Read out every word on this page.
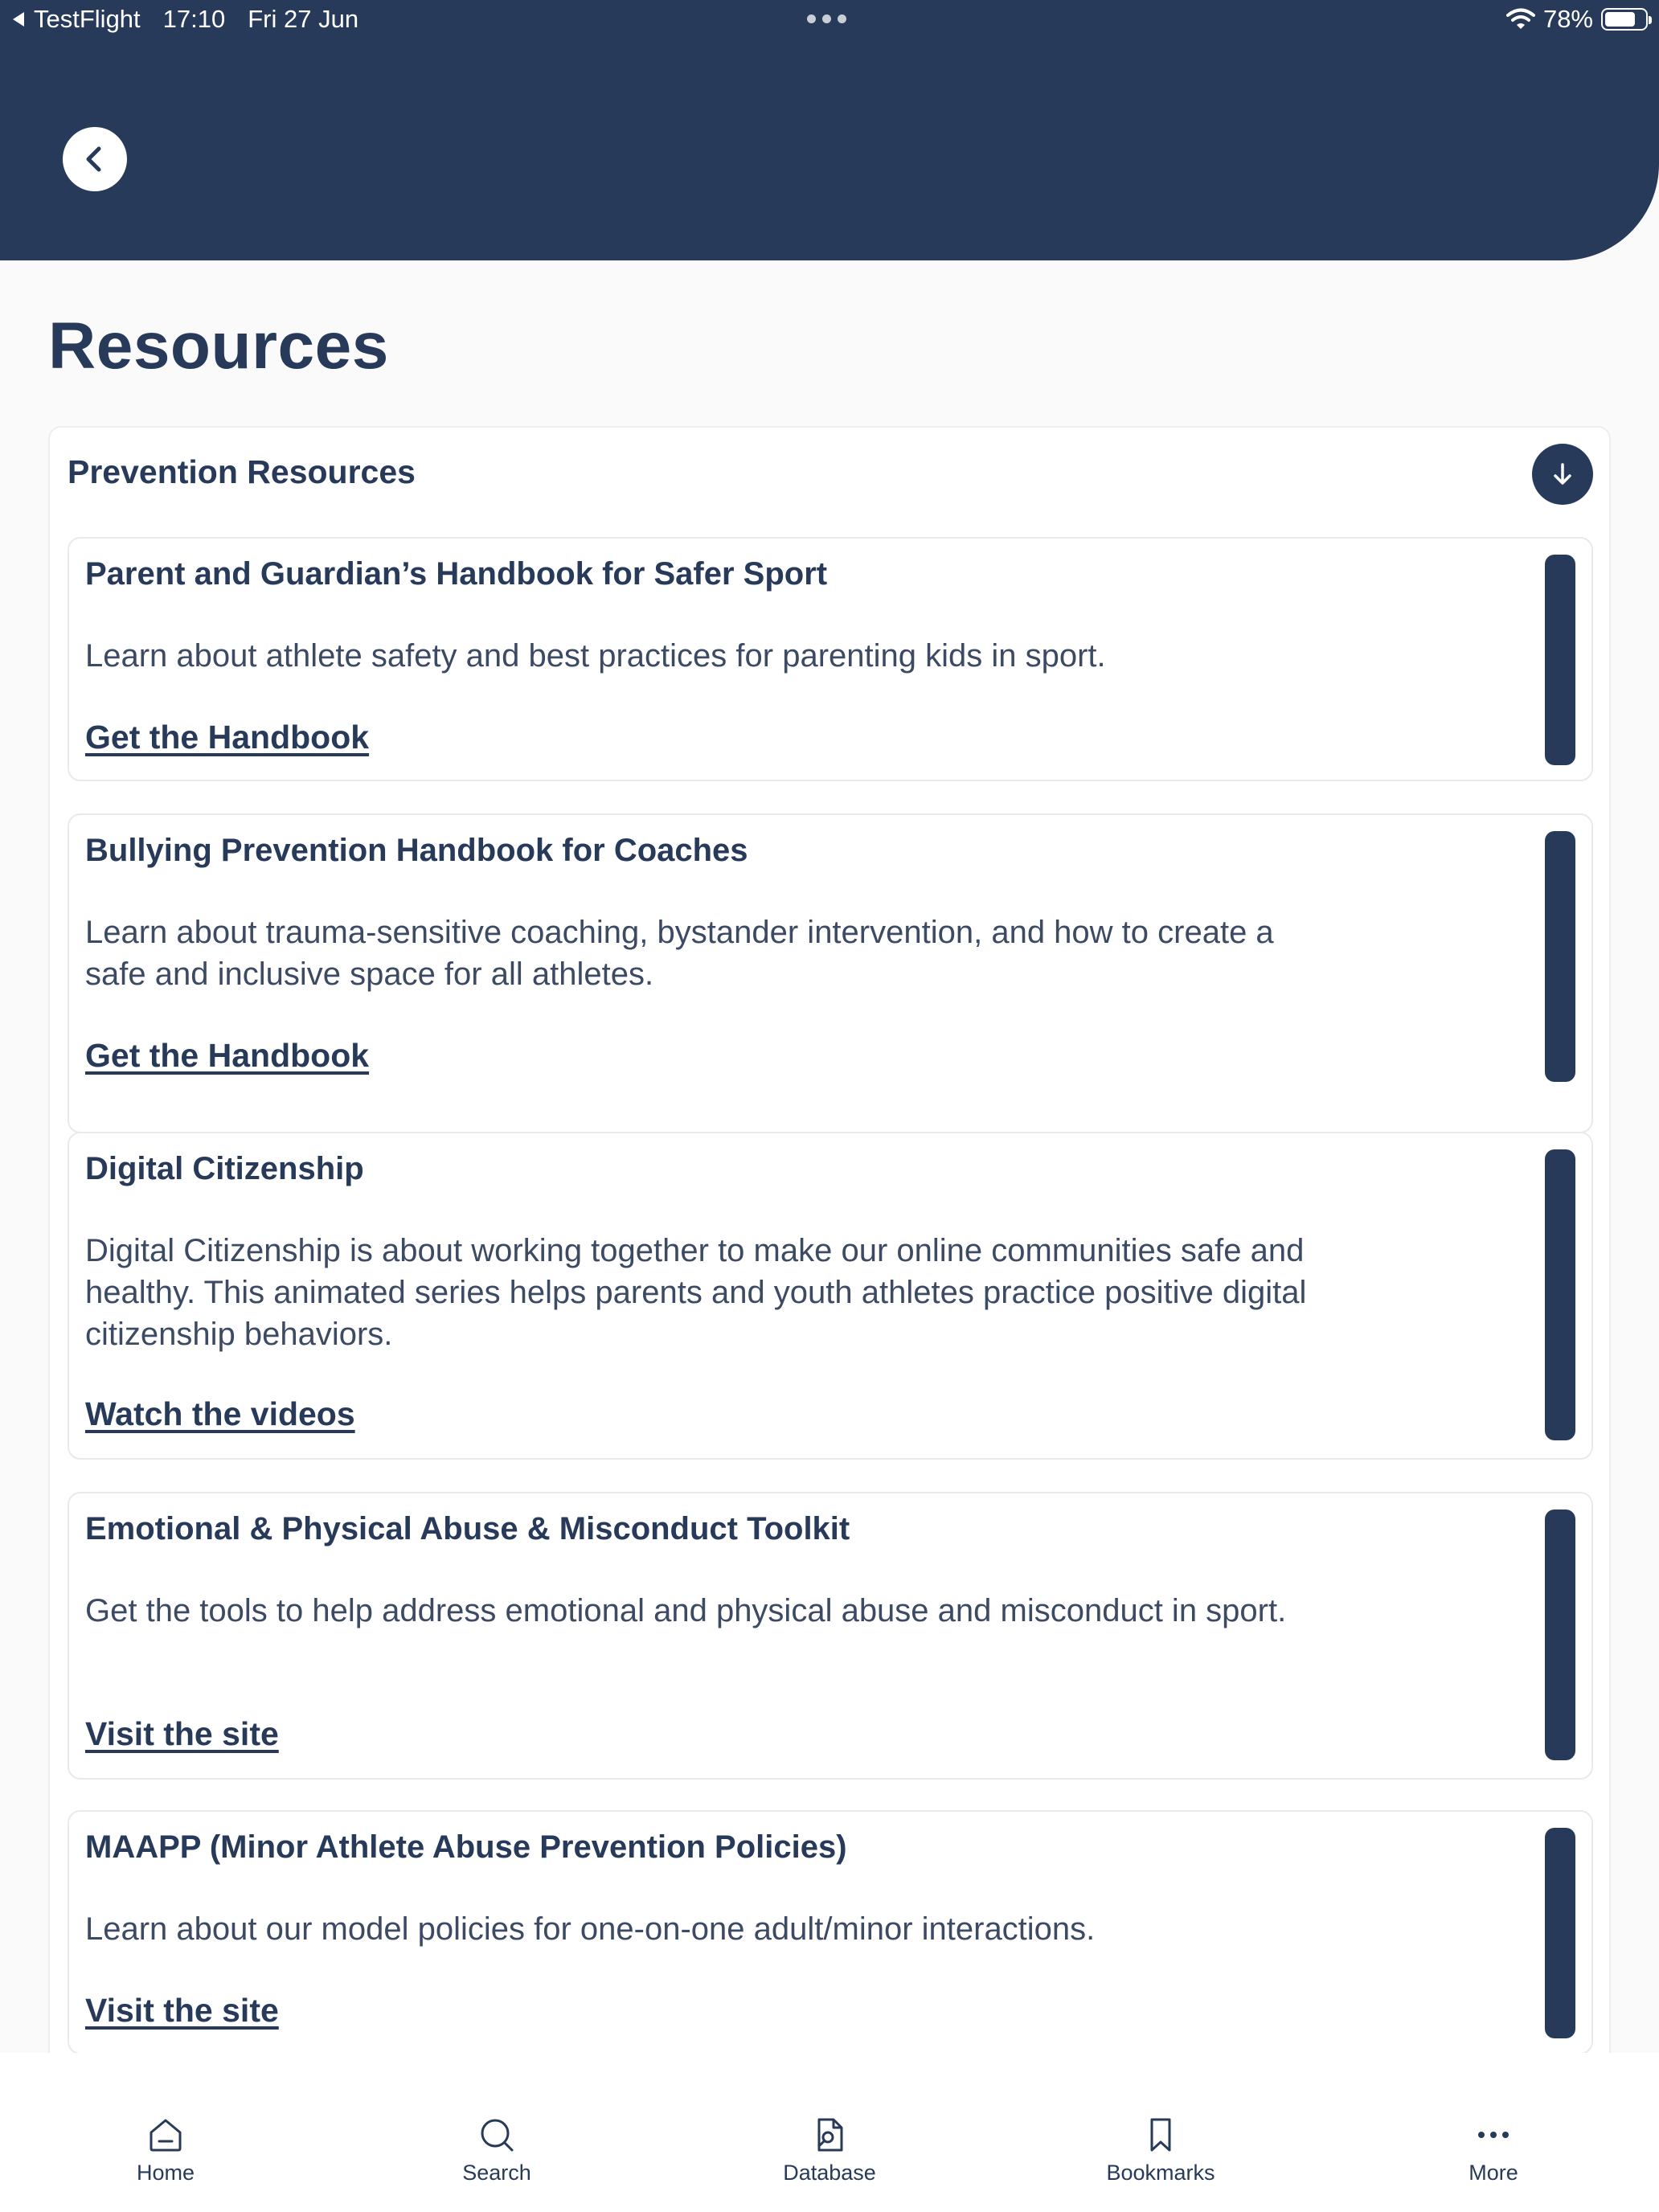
TestFlight 17:10 Fri 27 Jun	78%
Resources
Prevention Resources
Parent and Guardian’s Handbook for Safer Sport
Learn about athlete safety and best practices for parenting kids in sport.
Get the Handbook
Bullying Prevention Handbook for Coaches
Learn about trauma-sensitive coaching, bystander intervention, and how to create a safe and inclusive space for all athletes.
Get the Handbook
Digital Citizenship
Digital Citizenship is about working together to make our online communities safe and healthy. This animated series helps parents and youth athletes practice positive digital citizenship behaviors.
Watch the videos
Emotional & Physical Abuse & Misconduct Toolkit
Get the tools to help address emotional and physical abuse and misconduct in sport.
Visit the site
MAAPP (Minor Athlete Abuse Prevention Policies)
Learn about our model policies for one-on-one adult/minor interactions.
Visit the site
Home	Search	Database	Bookmarks	More
